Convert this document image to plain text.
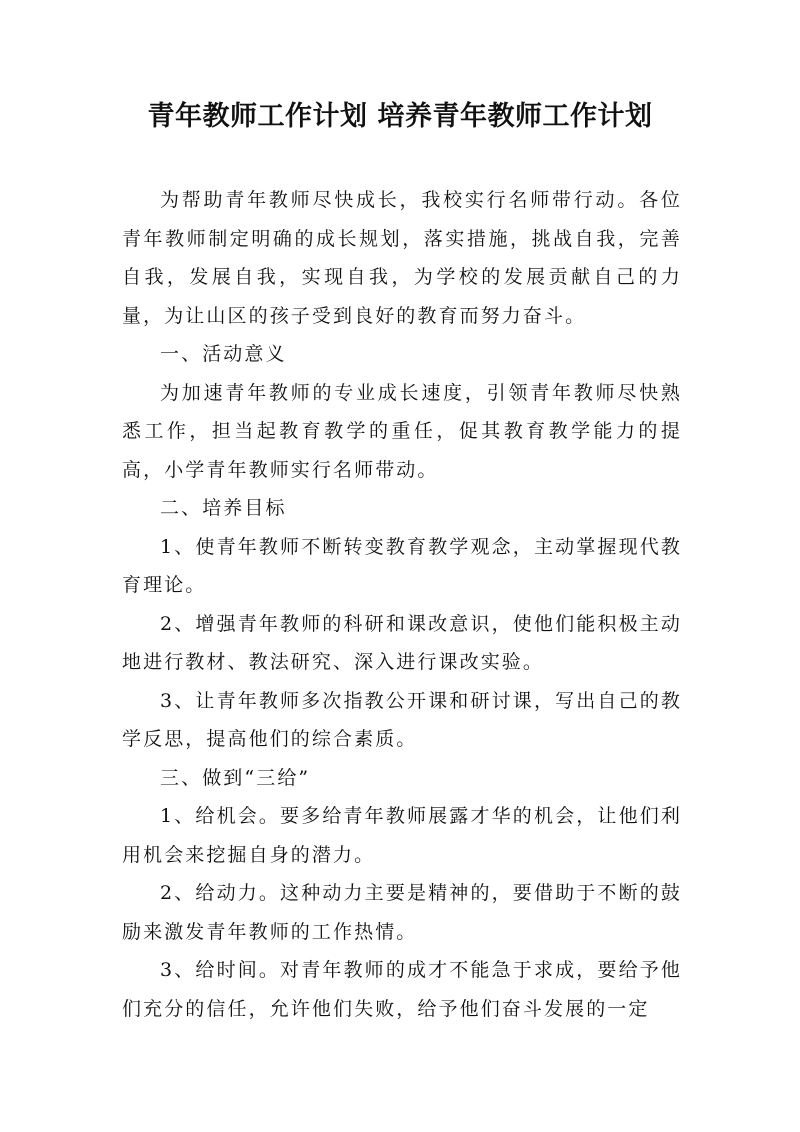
青年教师工作计划 培养青年教师工作计划

为帮助青年教师尽快成长，我校实行名师带行动。各位青年教师制定明确的成长规划，落实措施，挑战自我，完善自我，发展自我，实现自我，为学校的发展贡献自己的力量，为让山区的孩子受到良好的教育而努力奋斗。

一、活动意义

为加速青年教师的专业成长速度，引领青年教师尽快熟悉工作，担当起教育教学的重任，促其教育教学能力的提高，小学青年教师实行名师带动。

二、培养目标

1、使青年教师不断转变教育教学观念，主动掌握现代教育理论。

2、增强青年教师的科研和课改意识，使他们能积极主动地进行教材、教法研究、深入进行课改实验。

3、让青年教师多次指教公开课和研讨课，写出自己的教学反思，提高他们的综合素质。

三、做到“三给”

1、给机会。要多给青年教师展露才华的机会，让他们利用机会来挖掘自身的潜力。

2、给动力。这种动力主要是精神的，要借助于不断的鼓励来激发青年教师的工作热情。

3、给时间。对青年教师的成才不能急于求成，要给予他们充分的信任，允许他们失败，给予他们奋斗发展的一定
